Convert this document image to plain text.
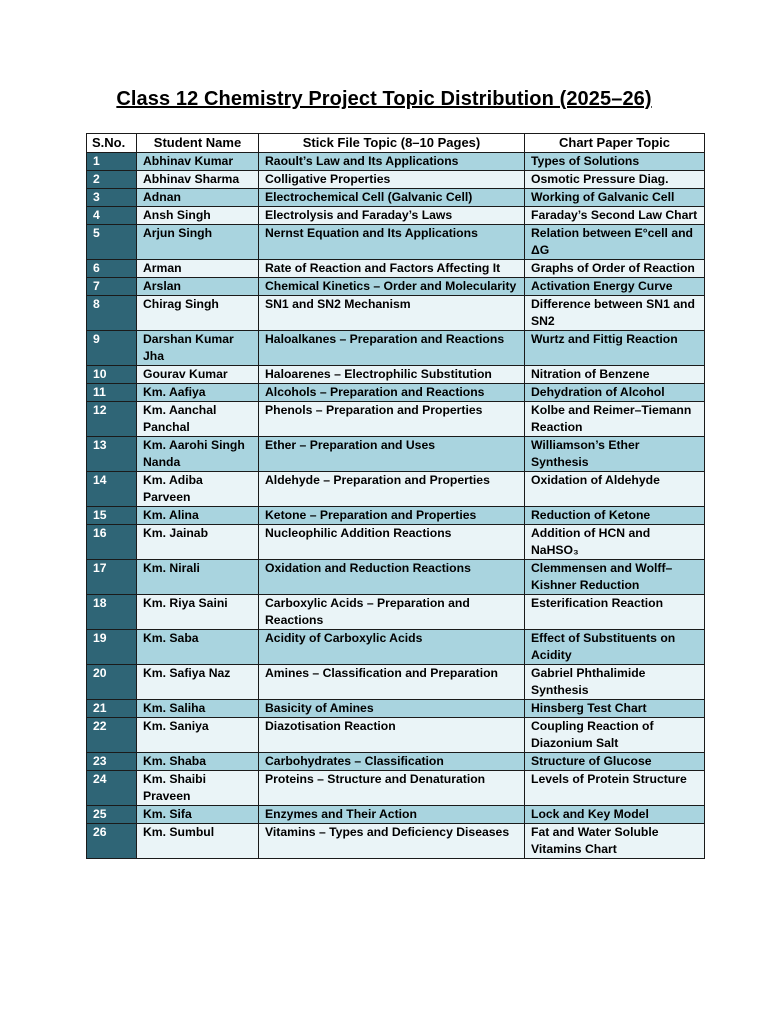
Class 12 Chemistry Project Topic Distribution (2025–26)
S.No.	Student Name	Stick File Topic (8–10 Pages)	Chart Paper Topic
1	Abhinav Kumar	Raoult’s Law and Its Applications	Types of Solutions
2	Abhinav Sharma	Colligative Properties	Osmotic Pressure Diag.
3	Adnan	Electrochemical Cell (Galvanic Cell)	Working of Galvanic Cell
4	Ansh Singh	Electrolysis and Faraday’s Laws	Faraday’s Second Law Chart
5	Arjun Singh	Nernst Equation and Its Applications	Relation between E°cell and ΔG
6	Arman	Rate of Reaction and Factors Affecting It	Graphs of Order of Reaction
7	Arslan	Chemical Kinetics – Order and Molecularity	Activation Energy Curve
8	Chirag Singh	SN1 and SN2 Mechanism	Difference between SN1 and SN2
9	Darshan Kumar Jha	Haloalkanes – Preparation and Reactions	Wurtz and Fittig Reaction
10	Gourav Kumar	Haloarenes – Electrophilic Substitution	Nitration of Benzene
11	Km. Aafiya	Alcohols – Preparation and Reactions	Dehydration of Alcohol
12	Km. Aanchal Panchal	Phenols – Preparation and Properties	Kolbe and Reimer–Tiemann Reaction
13	Km. Aarohi Singh Nanda	Ether – Preparation and Uses	Williamson’s Ether Synthesis
14	Km. Adiba Parveen	Aldehyde – Preparation and Properties	Oxidation of Aldehyde
15	Km. Alina	Ketone – Preparation and Properties	Reduction of Ketone
16	Km. Jainab	Nucleophilic Addition Reactions	Addition of HCN and NaHSO₃
17	Km. Nirali	Oxidation and Reduction Reactions	Clemmensen and Wolff–Kishner Reduction
18	Km. Riya Saini	Carboxylic Acids – Preparation and Reactions	Esterification Reaction
19	Km. Saba	Acidity of Carboxylic Acids	Effect of Substituents on Acidity
20	Km. Safiya Naz	Amines – Classification and Preparation	Gabriel Phthalimide Synthesis
21	Km. Saliha	Basicity of Amines	Hinsberg Test Chart
22	Km. Saniya	Diazotisation Reaction	Coupling Reaction of Diazonium Salt
23	Km. Shaba	Carbohydrates – Classification	Structure of Glucose
24	Km. Shaibi Praveen	Proteins – Structure and Denaturation	Levels of Protein Structure
25	Km. Sifa	Enzymes and Their Action	Lock and Key Model
26	Km. Sumbul	Vitamins – Types and Deficiency Diseases	Fat and Water Soluble Vitamins Chart
